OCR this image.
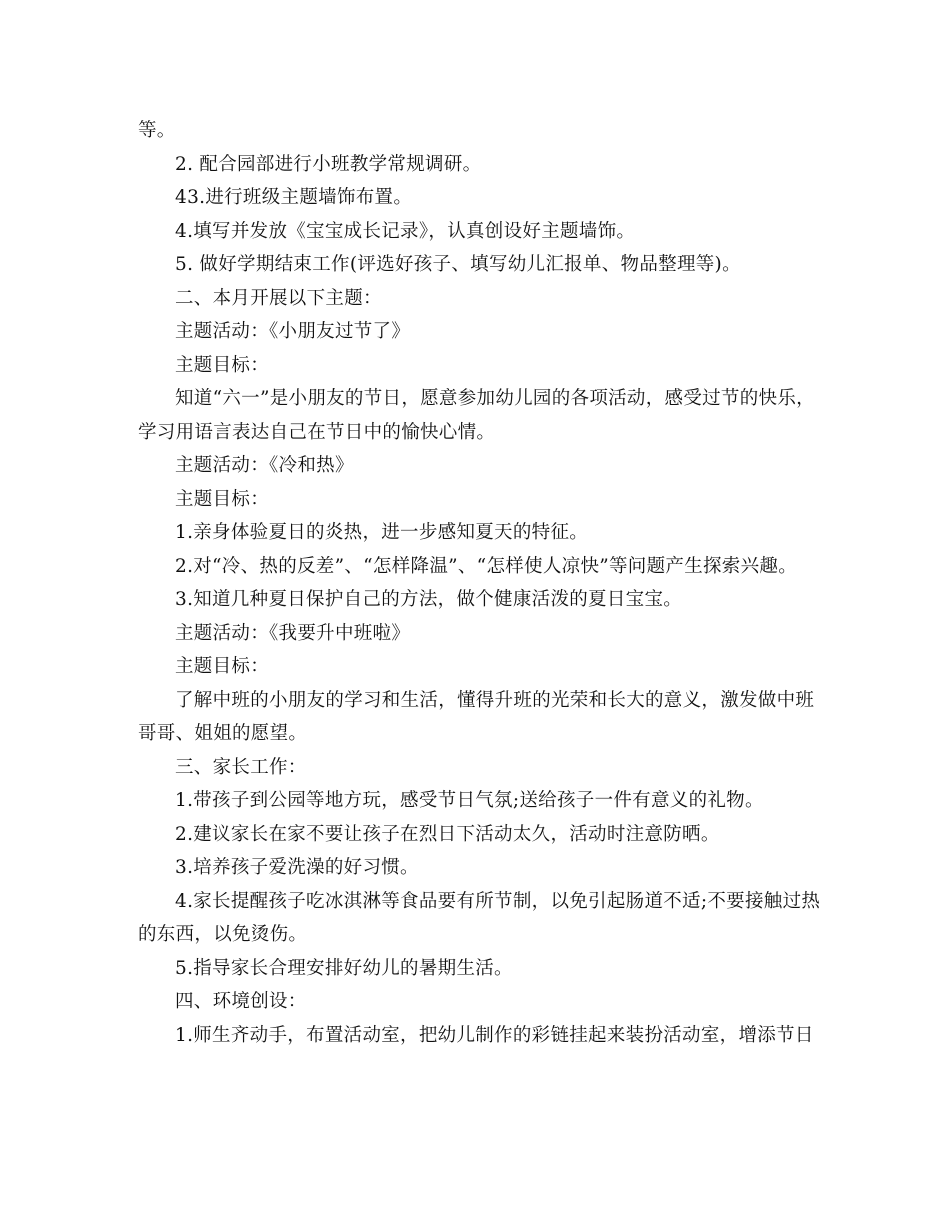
等。

2. 配合园部进行小班教学常规调研。

43.进行班级主题墙饰布置。

4.填写并发放《宝宝成长记录》，认真创设好主题墙饰。

5. 做好学期结束工作(评选好孩子、填写幼儿汇报单、物品整理等)。

二、本月开展以下主题：

主题活动：《小朋友过节了》

主题目标：

知道“六一”是小朋友的节日，愿意参加幼儿园的各项活动，感受过节的快乐，学习用语言表达自己在节日中的愉快心情。

主题活动：《冷和热》

主题目标：

1.亲身体验夏日的炎热，进一步感知夏天的特征。

2.对“冷、热的反差”、“怎样降温”、“怎样使人凉快”等问题产生探索兴趣。

3.知道几种夏日保护自己的方法，做个健康活泼的夏日宝宝。

主题活动：《我要升中班啦》

主题目标：

了解中班的小朋友的学习和生活，懂得升班的光荣和长大的意义，激发做中班哥哥、姐姐的愿望。

三、家长工作：

1.带孩子到公园等地方玩，感受节日气氛;送给孩子一件有意义的礼物。

2.建议家长在家不要让孩子在烈日下活动太久，活动时注意防晒。

3.培养孩子爱洗澡的好习惯。

4.家长提醒孩子吃冰淇淋等食品要有所节制，以免引起肠道不适;不要接触过热的东西，以免烫伤。

5.指导家长合理安排好幼儿的暑期生活。

四、环境创设：

1.师生齐动手，布置活动室，把幼儿制作的彩链挂起来装扮活动室，增添节日
